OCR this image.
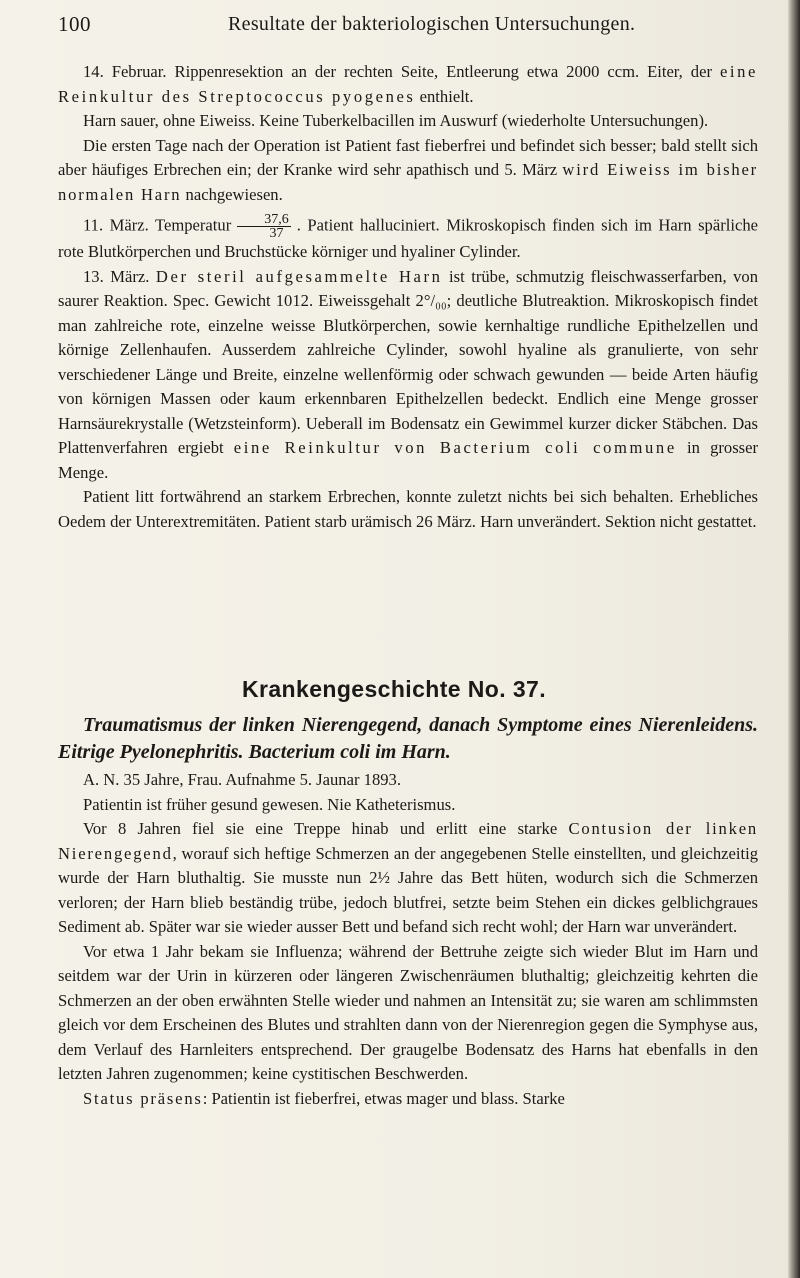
100	Resultate der bakteriologischen Untersuchungen.

14. Februar. Rippenresektion an der rechten Seite, Entleerung etwa 2000 ccm. Eiter, der eine Reinkultur des Streptococcus pyogenes enthielt.

Harn sauer, ohne Eiweiss. Keine Tuberkelbacillen im Auswurf (wiederholte Untersuchungen).

Die ersten Tage nach der Operation ist Patient fast fieberfrei und befindet sich besser; bald stellt sich aber häufiges Erbrechen ein; der Kranke wird sehr apathisch und 5. März wird Eiweiss im bisher normalen Harn nachgewiesen.

11. März. Temperatur $\frac{37,6}{37}$ . Patient halluciniert. Mikroskopisch finden sich im Harn spärliche rote Blutkörperchen und Bruchstücke körniger und hyaliner Cylinder.

13. März. Der steril aufgesammelte Harn ist trübe, schmutzig fleischwasserfarben, von saurer Reaktion. Spec. Gewicht 1012. Eiweissgehalt 2°/₀₀; deutliche Blutreaktion. Mikroskopisch findet man zahlreiche rote, einzelne weisse Blutkörperchen, sowie kernhaltige rundliche Epithelzellen und körnige Zellenhaufen. Ausserdem zahlreiche Cylinder, sowohl hyaline als granulierte, von sehr verschiedener Länge und Breite, einzelne wellenförmig oder schwach gewunden — beide Arten häufig von körnigen Massen oder kaum erkennbaren Epithelzellen bedeckt. Endlich eine Menge grosser Harnsäurekrystalle (Wetzsteinform). Ueberall im Bodensatz ein Gewimmel kurzer dicker Stäbchen. Das Plattenverfahren ergiebt eine Reinkultur von Bacterium coli commune in grosser Menge.

Patient litt fortwährend an starkem Erbrechen, konnte zuletzt nichts bei sich behalten. Erhebliches Oedem der Unterextremitäten. Patient starb urämisch 26 März. Harn unverändert. Sektion nicht gestattet.

Krankengeschichte No. 37.
Traumatismus der linken Nierengegend, danach Symptome eines Nierenleidens. Eitrige Pyelonephritis. Bacterium coli im Harn.

A. N. 35 Jahre, Frau. Aufnahme 5. Jaunar 1893.

Patientin ist früher gesund gewesen. Nie Katheterismus.

Vor 8 Jahren fiel sie eine Treppe hinab und erlitt eine starke Contusion der linken Nierengegend, worauf sich heftige Schmerzen an der angegebenen Stelle einstellten, und gleichzeitig wurde der Harn bluthaltig. Sie musste nun 2½ Jahre das Bett hüten, wodurch sich die Schmerzen verloren; der Harn blieb beständig trübe, jedoch blutfrei, setzte beim Stehen ein dickes gelblichgraues Sediment ab. Später war sie wieder ausser Bett und befand sich recht wohl; der Harn war unverändert.

Vor etwa 1 Jahr bekam sie Influenza; während der Bettruhe zeigte sich wieder Blut im Harn und seitdem war der Urin in kürzeren oder längeren Zwischenräumen bluthaltig; gleichzeitig kehrten die Schmerzen an der oben erwähnten Stelle wieder und nahmen an Intensität zu; sie waren am schlimmsten gleich vor dem Erscheinen des Blutes und strahlten dann von der Nierenregion gegen die Symphyse aus, dem Verlauf des Harnleiters entsprechend. Der graugelbe Bodensatz des Harns hat ebenfalls in den letzten Jahren zugenommen; keine cystitischen Beschwerden.

Status präsens: Patientin ist fieberfrei, etwas mager und blass. Starke
